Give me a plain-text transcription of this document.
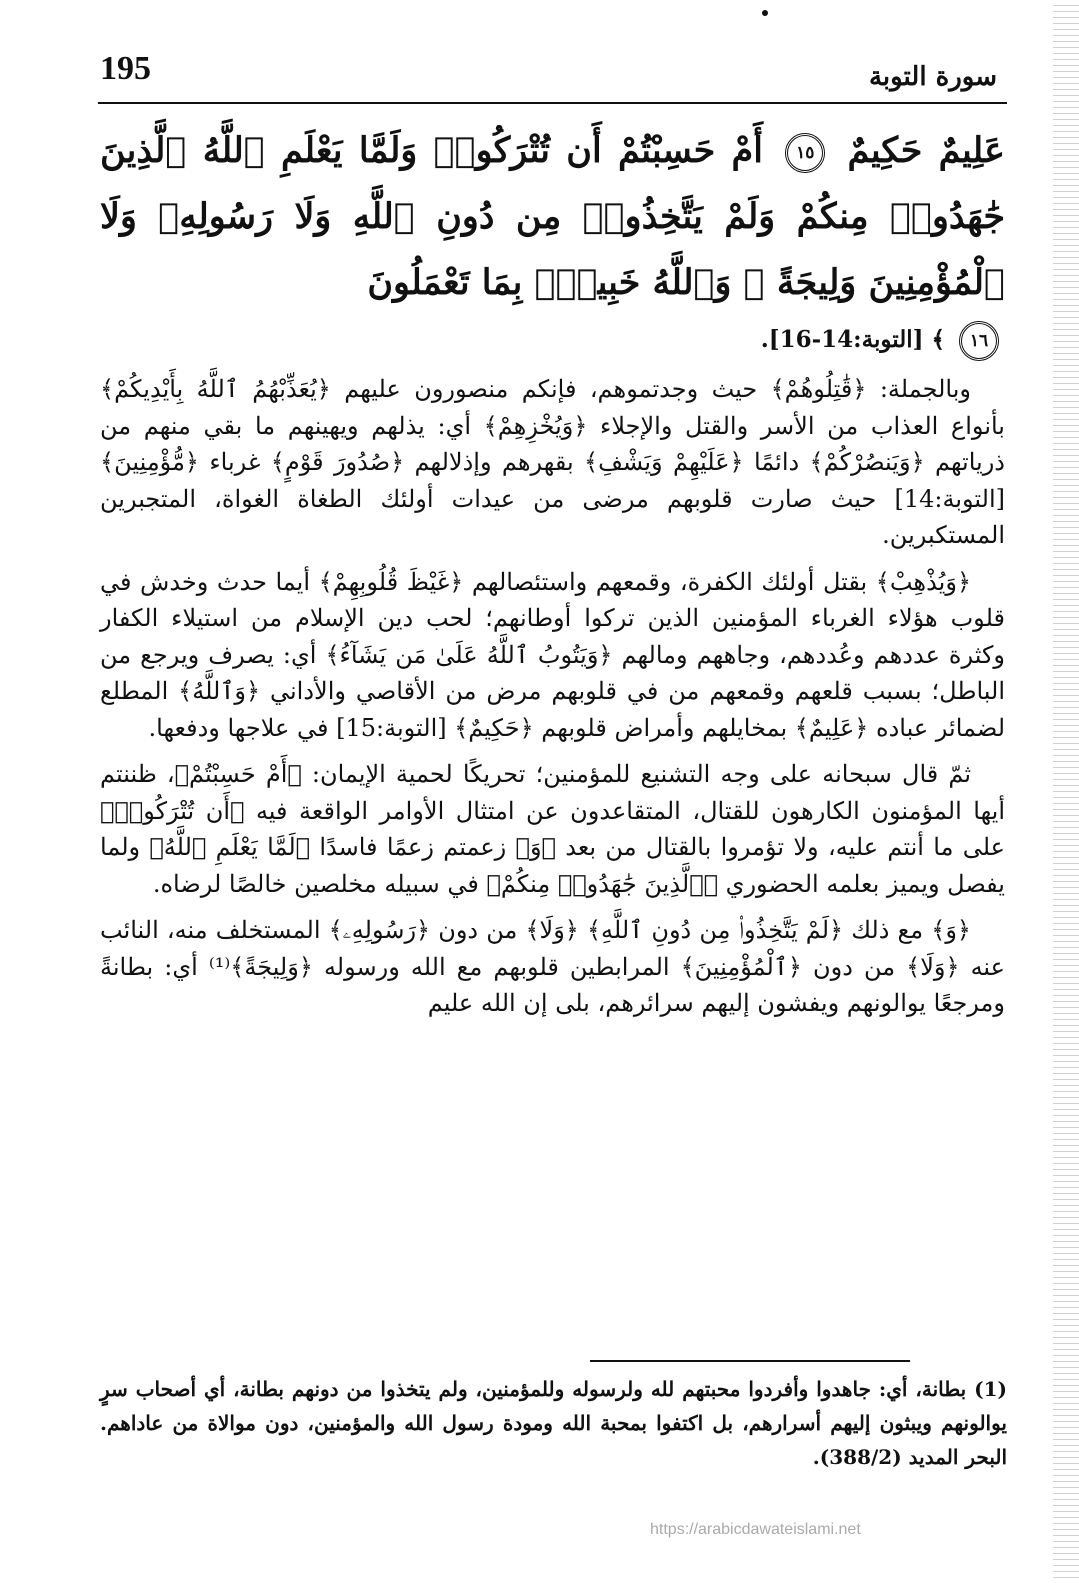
195	سورة التوبة

عَلِيمٌ حَكِيمٌ ١٥ أَمْ حَسِبْتُمْ أَن تُتْرَكُوا۟ وَلَمَّا يَعْلَمِ ٱللَّهُ ٱلَّذِينَ جَٰهَدُوا۟ مِنكُمْ وَلَمْ يَتَّخِذُوا۟ مِن دُونِ ٱللَّهِ وَلَا رَسُولِهِۦ وَلَا ٱلْمُؤْمِنِينَ وَلِيجَةً ۚ وَٱللَّهُ خَبِيرٌۢ بِمَا تَعْمَلُونَ

١٦ ﴾ [التوبة:14-16].

وبالجملة: ﴿قَٰتِلُوهُمْ﴾ حيث وجدتموهم، فإنكم منصورون عليهم ﴿يُعَذِّبْهُمُ ٱللَّهُ بِأَيْدِيكُمْ﴾ بأنواع العذاب من الأسر والقتل والإجلاء ﴿وَيُخْزِهِمْ﴾ أي: يذلهم ويهينهم ما بقي منهم من ذرياتهم ﴿وَيَنصُرْكُمْ﴾ دائمًا ﴿عَلَيْهِمْ وَيَشْفِ﴾ بقهرهم وإذلالهم ﴿صُدُورَ قَوْمٍ﴾ غرباء ﴿مُّؤْمِنِينَ﴾ [التوبة:14] حيث صارت قلوبهم مرضى من عيدات أولئك الطغاة الغواة، المتجبرين المستكبرين.

﴿وَيُذْهِبْ﴾ بقتل أولئك الكفرة، وقمعهم واستئصالهم ﴿غَيْظَ قُلُوبِهِمْ﴾ أيما حدث وخدش في قلوب هؤلاء الغرباء المؤمنين الذين تركوا أوطانهم؛ لحب دين الإسلام من استيلاء الكفار وكثرة عددهم وعُددهم، وجاههم ومالهم ﴿وَيَتُوبُ ٱللَّهُ عَلَىٰ مَن يَشَآءُ﴾ أي: يصرف ويرجع من الباطل؛ بسبب قلعهم وقمعهم من في قلوبهم مرض من الأقاصي والأداني ﴿وَٱللَّهُ﴾ المطلع لضمائر عباده ﴿عَلِيمٌ﴾ بمخايلهم وأمراض قلوبهم ﴿حَكِيمٌ﴾ [التوبة:15] في علاجها ودفعها.

ثمّ قال سبحانه على وجه التشنيع للمؤمنين؛ تحريكًا لحمية الإيمان: ﴿أَمْ حَسِبْتُمْ﴾، ظننتم أيها المؤمنون الكارهون للقتال، المتقاعدون عن امتثال الأوامر الواقعة فيه ﴿أَن تُتْرَكُوا۟﴾ على ما أنتم عليه، ولا تؤمروا بالقتال من بعد ﴿وَ﴾ زعمتم زعمًا فاسدًا ﴿لَمَّا يَعْلَمِ ٱللَّهُ﴾ ولما يفصل ويميز بعلمه الحضوري ﴿ٱلَّذِينَ جَٰهَدُوا۟ مِنكُمْ﴾ في سبيله مخلصين خالصًا لرضاه.

﴿وَ﴾ مع ذلك ﴿لَمْ يَتَّخِذُوا۟ مِن دُونِ ٱللَّهِ﴾ ﴿وَلَا﴾ من دون ﴿رَسُولِهِۦ﴾ المستخلف منه، النائب عنه ﴿وَلَا﴾ من دون ﴿ٱلْمُؤْمِنِينَ﴾ المرابطين قلوبهم مع الله ورسوله ﴿وَلِيجَةً﴾⁽¹⁾ أي: بطانةً ومرجعًا يوالونهم ويفشون إليهم سرائرهم، بلى إن الله عليم

(1) بطانة، أي: جاهدوا وأفردوا محبتهم لله ولرسوله وللمؤمنين، ولم يتخذوا من دونهم بطانة، أي أصحاب سرٍ يوالونهم ويبثون إليهم أسرارهم، بل اكتفوا بمحبة الله ومودة رسول الله والمؤمنين، دون موالاة من عاداهم. البحر المديد (388/2).
https://arabicdawateislami.net
